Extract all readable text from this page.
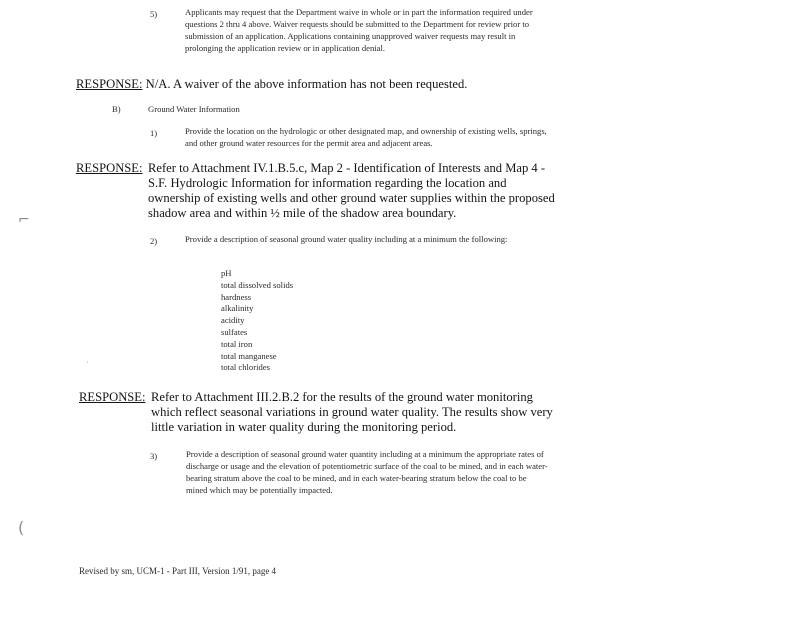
5)	Applicants may request that the Department waive in whole or in part the information required under questions 2 thru 4 above. Waiver requests should be submitted to the Department for review prior to submission of an application. Applications containing unapproved waiver requests may result in prolonging the application review or in application denial.
RESPONSE: N/A. A waiver of the above information has not been requested.
B)	Ground Water Information
1)	Provide the location on the hydrologic or other designated map, and ownership of existing wells, springs, and other ground water resources for the permit area and adjacent areas.
RESPONSE: Refer to Attachment IV.1.B.5.c, Map 2 - Identification of Interests and Map 4 - S.F. Hydrologic Information for information regarding the location and ownership of existing wells and other ground water supplies within the proposed shadow area and within ½ mile of the shadow area boundary.
2)	Provide a description of seasonal ground water quality including at a minimum the following:
pH
total dissolved solids
hardness
alkalinity
acidity
sulfates
total iron
total manganese
total chlorides
RESPONSE: Refer to Attachment III.2.B.2 for the results of the ground water monitoring which reflect seasonal variations in ground water quality. The results show very little variation in water quality during the monitoring period.
3)	Provide a description of seasonal ground water quantity including at a minimum the appropriate rates of discharge or usage and the elevation of potentiometric surface of the coal to be mined, and in each water-bearing stratum above the coal to be mined, and in each water-bearing stratum below the coal to be mined which may be potentially impacted.
Revised by sm, UCM-1 - Part III, Version 1/91, page 4
⌐
(
·
